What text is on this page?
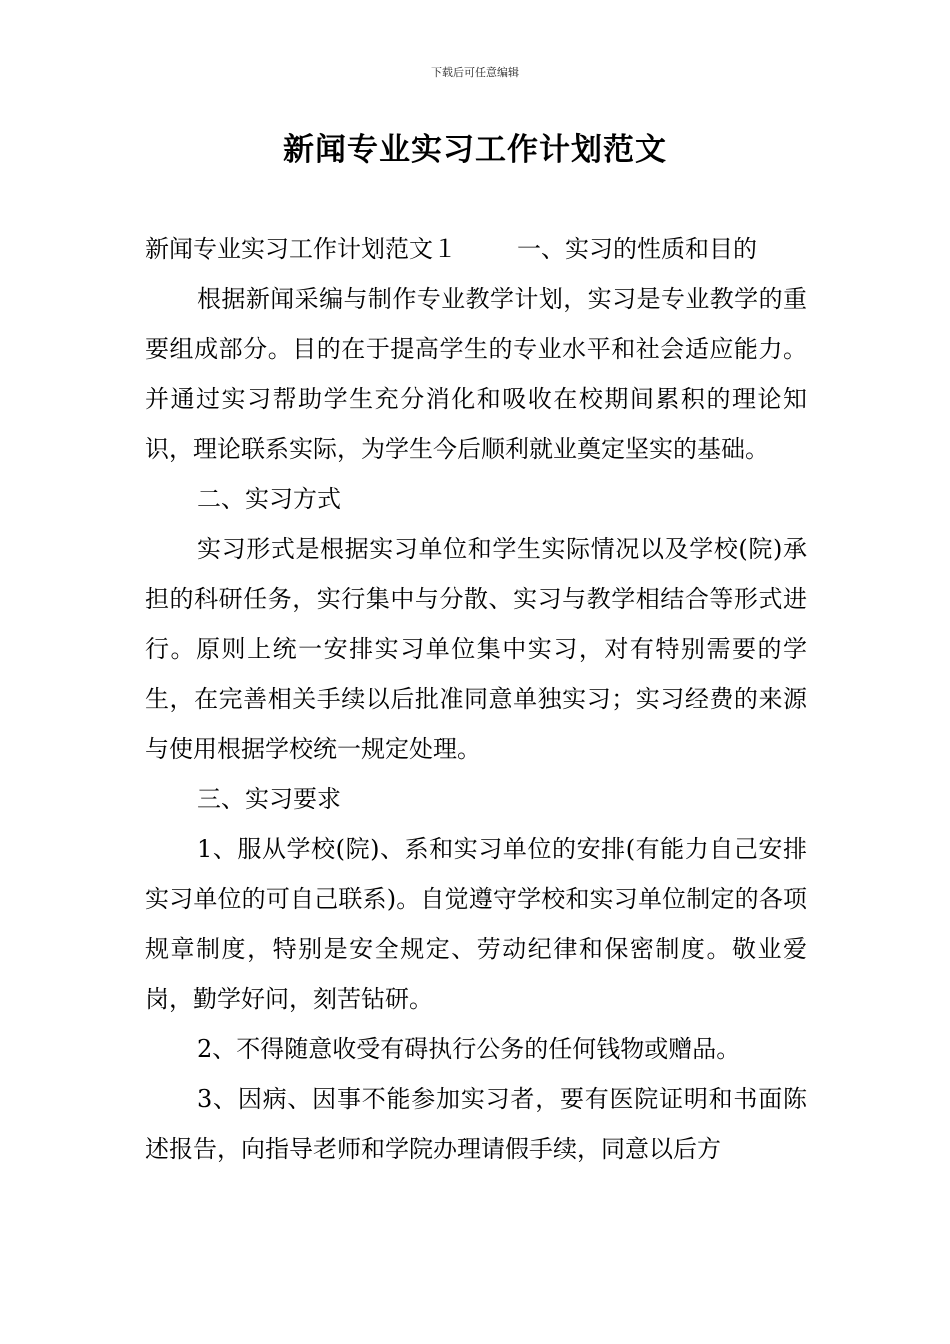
下载后可任意编辑
新闻专业实习工作计划范文

新闻专业实习工作计划范文１	一、实习的性质和目的

根据新闻采编与制作专业教学计划，实习是专业教学的重要组成部分。目的在于提高学生的专业水平和社会适应能力。并通过实习帮助学生充分消化和吸收在校期间累积的理论知识，理论联系实际，为学生今后顺利就业奠定坚实的基础。

二、实习方式

实习形式是根据实习单位和学生实际情况以及学校(院)承担的科研任务，实行集中与分散、实习与教学相结合等形式进行。原则上统一安排实习单位集中实习，对有特别需要的学生，在完善相关手续以后批准同意单独实习；实习经费的来源与使用根据学校统一规定处理。

三、实习要求

1、服从学校(院)、系和实习单位的安排(有能力自己安排实习单位的可自己联系)。自觉遵守学校和实习单位制定的各项规章制度，特别是安全规定、劳动纪律和保密制度。敬业爱岗，勤学好问，刻苦钻研。

2、不得随意收受有碍执行公务的任何钱物或赠品。

3、因病、因事不能参加实习者，要有医院证明和书面陈述报告，向指导老师和学院办理请假手续，同意以后方
